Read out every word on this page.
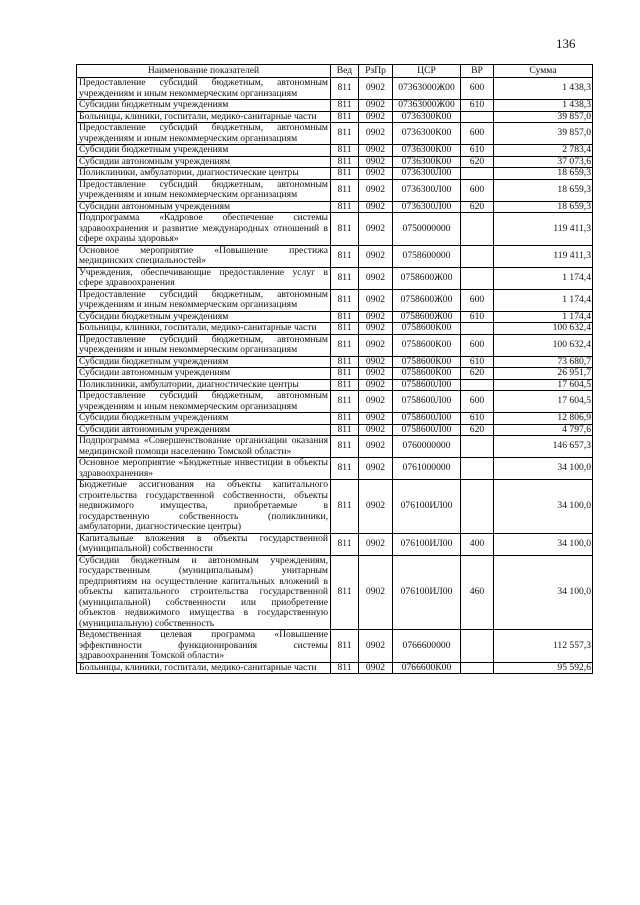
136
Наименование показателей	Вед	РзПр	ЦСР	ВР	Сумма
Предоставление субсидий бюджетным, автономным учреждениям и иным некоммерческим организациям	811	0902	07363000Ж00	600	1 438,3
Субсидии бюджетным учреждениям	811	0902	07363000Ж00	610	1 438,3
Больницы, клиники, госпитали, медико-санитарные части	811	0902	0736300К00		39 857,0
Предоставление субсидий бюджетным, автономным учреждениям и иным некоммерческим организациям	811	0902	0736300К00	600	39 857,0
Субсидии бюджетным учреждениям	811	0902	0736300К00	610	2 783,4
Субсидии автономным учреждениям	811	0902	0736300К00	620	37 073,6
Поликлиники, амбулатории, диагностические центры	811	0902	0736300Л00		18 659,3
Предоставление субсидий бюджетным, автономным учреждениям и иным некоммерческим организациям	811	0902	0736300Л00	600	18 659,3
Субсидии автономным учреждениям	811	0902	0736300Л00	620	18 659,3
Подпрограмма «Кадровое обеспечение системы здравоохранения и развитие международных отношений в сфере охраны здоровья»	811	0902	0750000000		119 411,3
Основное мероприятие «Повышение престижа медицинских специальностей»	811	0902	0758600000		119 411,3
Учреждения, обеспечивающие предоставление услуг в сфере здравоохранения	811	0902	0758600Ж00		1 174,4
Предоставление субсидий бюджетным, автономным учреждениям и иным некоммерческим организациям	811	0902	0758600Ж00	600	1 174,4
Субсидии бюджетным учреждениям	811	0902	0758600Ж00	610	1 174,4
Больницы, клиники, госпитали, медико-санитарные части	811	0902	0758600К00		100 632,4
Предоставление субсидий бюджетным, автономным учреждениям и иным некоммерческим организациям	811	0902	0758600К00	600	100 632,4
Субсидии бюджетным учреждениям	811	0902	0758600К00	610	73 680,7
Субсидии автономным учреждениям	811	0902	0758600К00	620	26 951,7
Поликлиники, амбулатории, диагностические центры	811	0902	0758600Л00		17 604,5
Предоставление субсидий бюджетным, автономным учреждениям и иным некоммерческим организациям	811	0902	0758600Л00	600	17 604,5
Субсидии бюджетным учреждениям	811	0902	0758600Л00	610	12 806,9
Субсидии автономным учреждениям	811	0902	0758600Л00	620	4 797,6
Подпрограмма «Совершенствование организации оказания медицинской помощи населению Томской области»	811	0902	0760000000		146 657,3
Основное мероприятие «Бюджетные инвестиции в объекты здравоохранения»	811	0902	0761000000		34 100,0
Бюджетные ассигнования на объекты капитального строительства государственной собственности, объекты недвижимого имущества, приобретаемые в государственную собственность (поликлиники, амбулатории, диагностические центры)	811	0902	076100ИЛ00		34 100,0
Капитальные вложения в объекты государственной (муниципальной) собственности	811	0902	076100ИЛ00	400	34 100,0
Субсидии бюджетным и автономным учреждениям, государственным (муниципальным) унитарным предприятиям на осуществление капитальных вложений в объекты капитального строительства государственной (муниципальной) собственности или приобретение объектов недвижимого имущества в государственную (муниципальную) собственность	811	0902	076100ИЛ00	460	34 100,0
Ведомственная целевая программа «Повышение эффективности функционирования системы здравоохранения Томской области»	811	0902	0766600000		112 557,3
Больницы, клиники, госпитали, медико-санитарные части	811	0902	0766600К00		95 592,6
